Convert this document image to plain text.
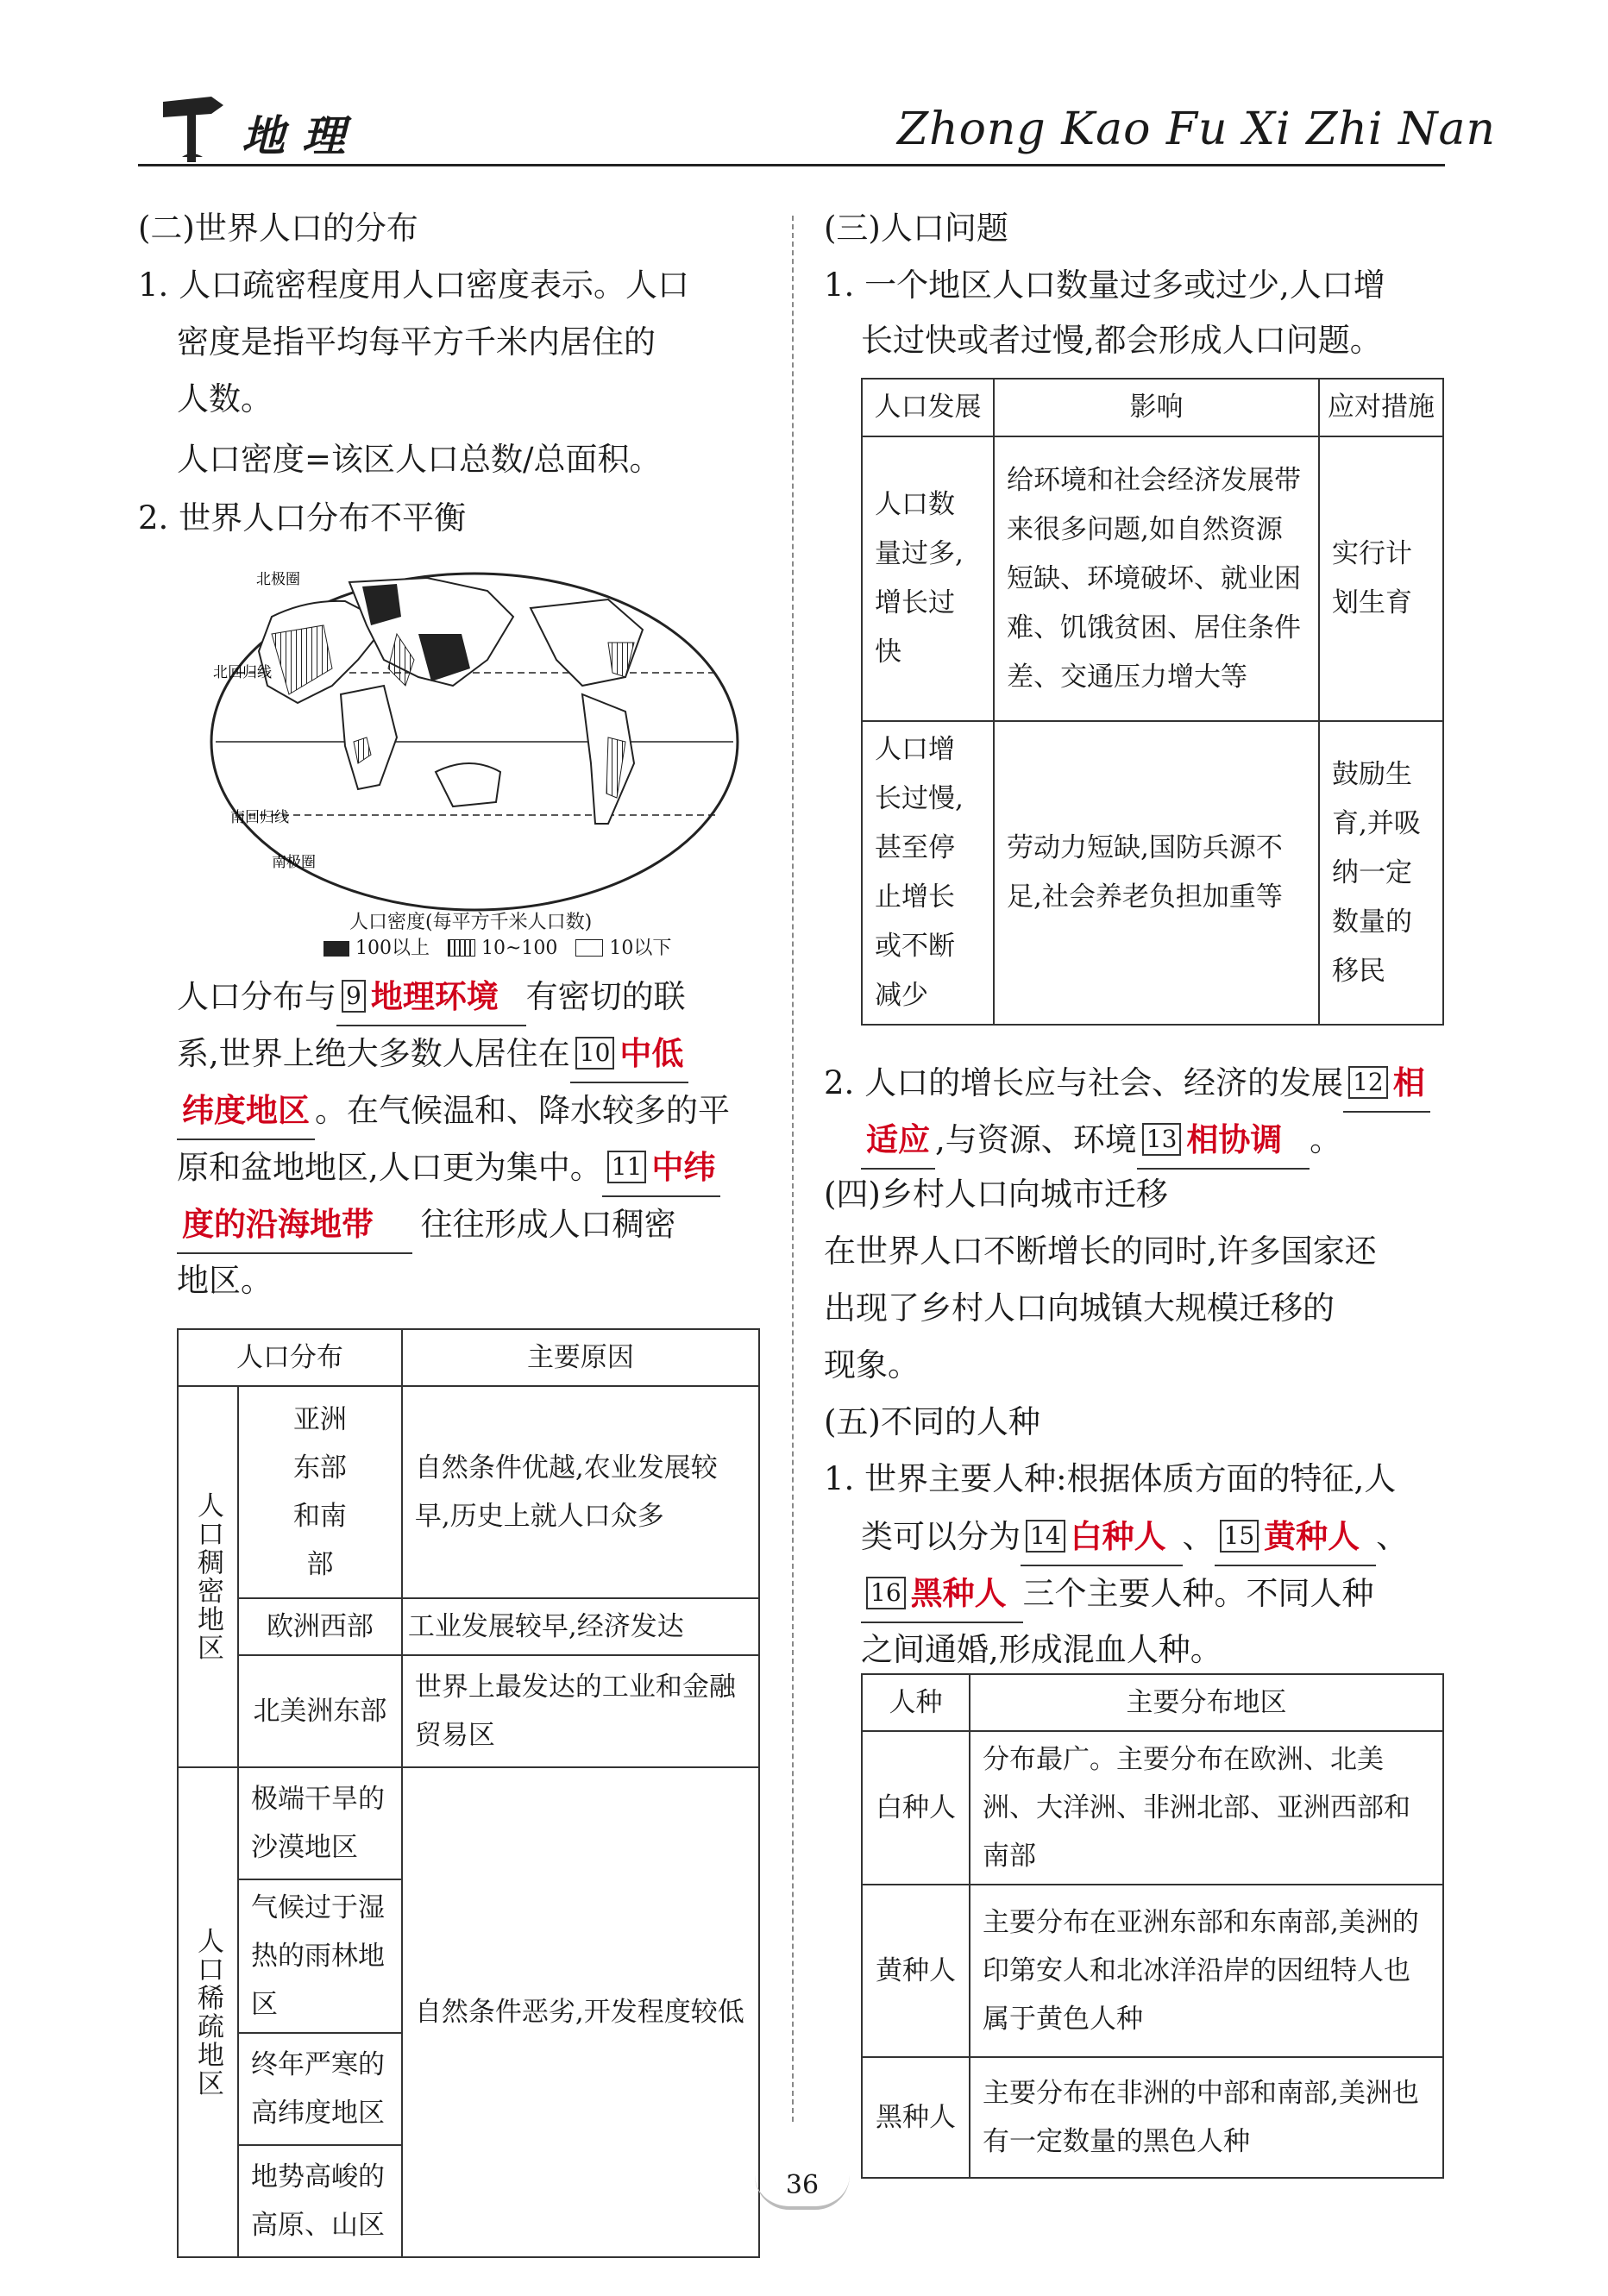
地理	Zhong Kao Fu Xi Zhi Nan
(二)世界人口的分布
1. 人口疏密程度用人口密度表示。人口
密度是指平均每平方千米内居住的
人数。
人口密度=该区人口总数/总面积。
2. 世界人口分布不平衡
北极圈
北回归线
南回归线
南极圈
人口密度(每平方千米人口数)
100以上	10~100	10以下
人口分布与 9 地理环境 有密切的联
系,世界上绝大多数人居住在 10 中低
纬度地区 。在气候温和、降水较多的平
原和盆地地区,人口更为集中。 11 中纬
度的沿海地带 往往形成人口稠密
地区。
人口分布		主要原因
人口稠密地区	亚洲东部和南部	自然条件优越,农业发展较早,历史上就人口众多
	欧洲西部	工业发展较早,经济发达
	北美洲东部	世界上最发达的工业和金融贸易区
人口稀疏地区	极端干旱的沙漠地区	自然条件恶劣,开发程度较低
	气候过于湿热的雨林地区	
	终年严寒的高纬度地区	
	地势高峻的高原、山区	
(三)人口问题
1. 一个地区人口数量过多或过少,人口增
长过快或者过慢,都会形成人口问题。
人口发展	影响	应对措施
人口数量过多,增长过快	给环境和社会经济发展带来很多问题,如自然资源短缺、环境破坏、就业困难、饥饿贫困、居住条件差、交通压力增大等	实行计划生育
人口增长过慢,甚至停止增长或不断减少	劳动力短缺,国防兵源不足,社会养老负担加重等	鼓励生育,并吸纳一定数量的移民
2. 人口的增长应与社会、经济的发展 12 相
适应 ,与资源、环境 13 相协调 。
(四)乡村人口向城市迁移
在世界人口不断增长的同时,许多国家还
出现了乡村人口向城镇大规模迁移的
现象。
(五)不同的人种
1. 世界主要人种:根据体质方面的特征,人
类可以分为 14 白种人 、 15 黄种人 、
16 黑种人 三个主要人种。不同人种
之间通婚,形成混血人种。
人种	主要分布地区
白种人	分布最广。主要分布在欧洲、北美洲、大洋洲、非洲北部、亚洲西部和南部
黄种人	主要分布在亚洲东部和东南部,美洲的印第安人和北冰洋沿岸的因纽特人也属于黄色人种
黑种人	主要分布在非洲的中部和南部,美洲也有一定数量的黑色人种
36
